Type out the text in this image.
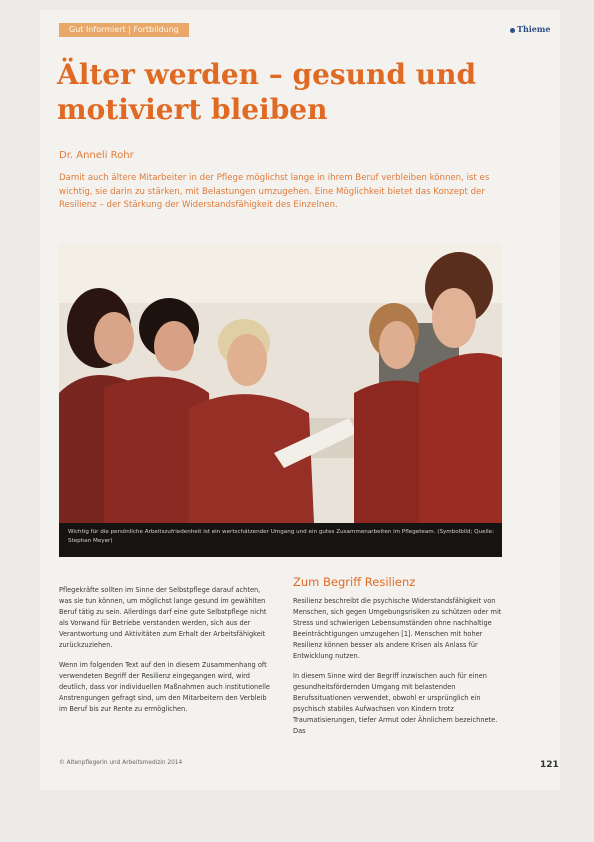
Gut Informiert | Fortbildung	Thieme
Älter werden – gesund und motiviert bleiben
Dr. Anneli Rohr
Damit auch ältere Mitarbeiter in der Pflege möglichst lange in ihrem Beruf verbleiben können, ist es wichtig, sie darin zu stärken, mit Belastungen umzugehen. Eine Möglichkeit bietet das Konzept der Resilienz – der Stärkung der Widerstandsfähigkeit des Einzelnen.
Wichtig für die persönliche Arbeitszufriedenheit ist ein wertschätzender Umgang und ein gutes Zusammenarbeiten im Pflegeteam. (Symbolbild; Quelle: Stephan Meyer)

Pflegekräfte sollten im Sinne der Selbstpflege darauf achten, was sie tun können, um möglichst lange gesund im gewählten Beruf tätig zu sein. Allerdings darf eine gute Selbstpflege nicht als Vorwand für Betriebe verstanden werden, sich aus der Verantwortung und Aktivitäten zum Erhalt der Arbeitsfähigkeit zurückzuziehen.

Wenn im folgenden Text auf den in diesem Zusammenhang oft verwendeten Begriff der Resilienz eingegangen wird, wird deutlich, dass vor individuellen Maßnahmen auch institutionelle Anstrengungen gefragt sind, um den Mitarbeitern den Verbleib im Beruf bis zur Rente zu ermöglichen.

Zum Begriff Resilienz

Resilienz beschreibt die psychische Widerstandsfähigkeit von Menschen, sich gegen Umgebungsrisiken zu schützen oder mit Stress und schwierigen Lebensumständen ohne nachhaltige Beeinträchtigungen umzugehen [1]. Menschen mit hoher Resilienz können besser als andere Krisen als Anlass für Entwicklung nutzen.

In diesem Sinne wird der Begriff inzwischen auch für einen gesundheitsfördernden Umgang mit belastenden Berufssituationen verwendet, obwohl er ursprünglich ein psychisch stabiles Aufwachsen von Kindern trotz Traumatisierungen, tiefer Armut oder Ähnlichem bezeichnete. Das

© Altenpflegerin und Arbeitsmedizin 2014	121
